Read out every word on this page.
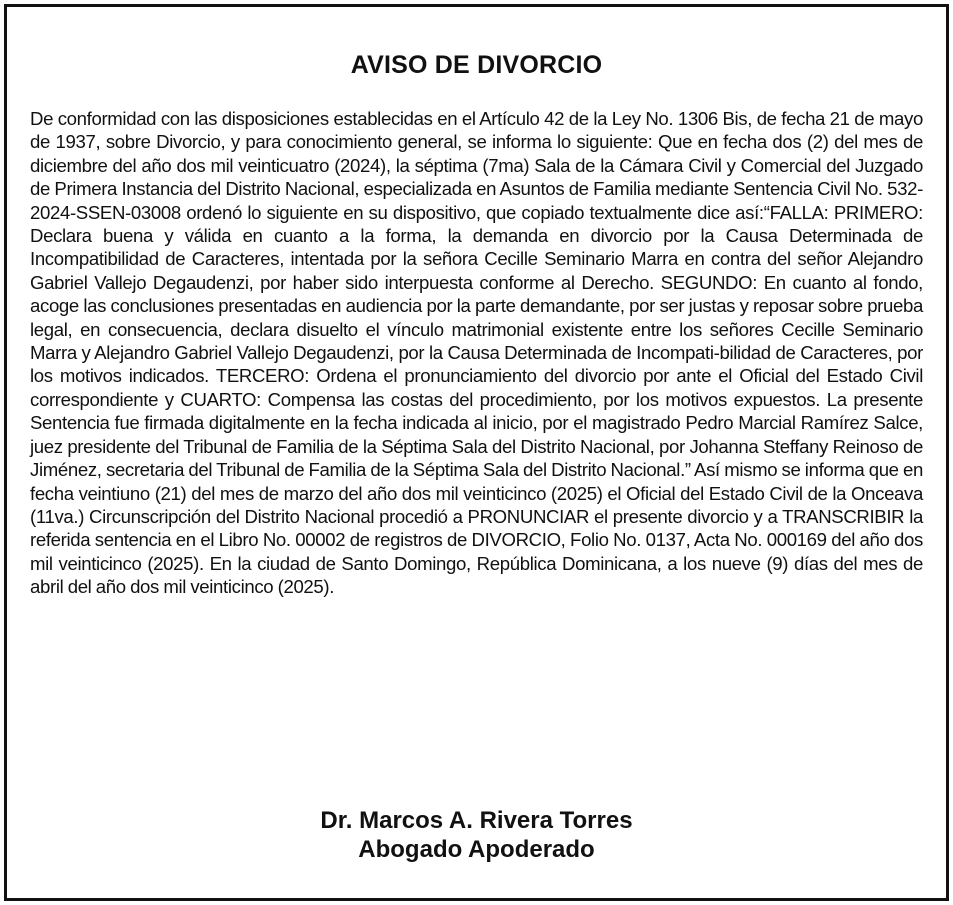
AVISO DE DIVORCIO

De conformidad con las disposiciones establecidas en el Artículo 42 de la Ley No. 1306 Bis, de fecha 21 de mayo de 1937, sobre Divorcio, y para conocimiento general, se informa lo siguiente: Que en fecha dos (2) del mes de diciembre del año dos mil veinticuatro (2024), la séptima (7ma) Sala de la Cámara Civil y Comercial del Juzgado de Primera Instancia del Distrito Nacional, especializada en Asuntos de Familia mediante Sentencia Civil No. 532-2024-SSEN-03008 ordenó lo siguiente en su dispositivo, que copiado textualmente dice así:“FALLA: PRIMERO: Declara buena y válida en cuanto a la forma, la demanda en divorcio por la Causa Determinada de Incompatibilidad de Caracteres, intentada por la señora Cecille Seminario Marra en contra del señor Alejandro Gabriel Vallejo Degaudenzi, por haber sido interpuesta conforme al Derecho. SEGUNDO: En cuanto al fondo, acoge las conclusiones presentadas en audiencia por la parte demandante, por ser justas y reposar sobre prueba legal, en consecuencia, declara disuelto el vínculo matrimonial existente entre los señores Cecille Seminario Marra y Alejandro Gabriel Vallejo Degaudenzi, por la Causa Determinada de Incompati-bilidad de Caracteres, por los motivos indicados. TERCERO: Ordena el pronunciamiento del divorcio por ante el Oficial del Estado Civil correspondiente y CUARTO: Compensa las costas del procedimiento, por los motivos expuestos. La presente Sentencia fue firmada digitalmente en la fecha indicada al inicio, por el magistrado Pedro Marcial Ramírez Salce, juez presidente del Tribunal de Familia de la Séptima Sala del Distrito Nacional, por Johanna Steffany Reinoso de Jiménez, secretaria del Tribunal de Familia de la Séptima Sala del Distrito Nacional.” Así mismo se informa que en fecha veintiuno (21) del mes de marzo del año dos mil veinticinco (2025) el Oficial del Estado Civil de la Onceava (11va.) Circunscripción del Distrito Nacional procedió a PRONUNCIAR el presente divorcio y a TRANSCRIBIR la referida sentencia en el Libro No. 00002 de registros de DIVORCIO, Folio No. 0137, Acta No. 000169 del año dos mil veinticinco (2025). En la ciudad de Santo Domingo, República Dominicana, a los nueve (9) días del mes de abril del año dos mil veinticinco (2025).

Dr. Marcos A. Rivera Torres
Abogado Apoderado
